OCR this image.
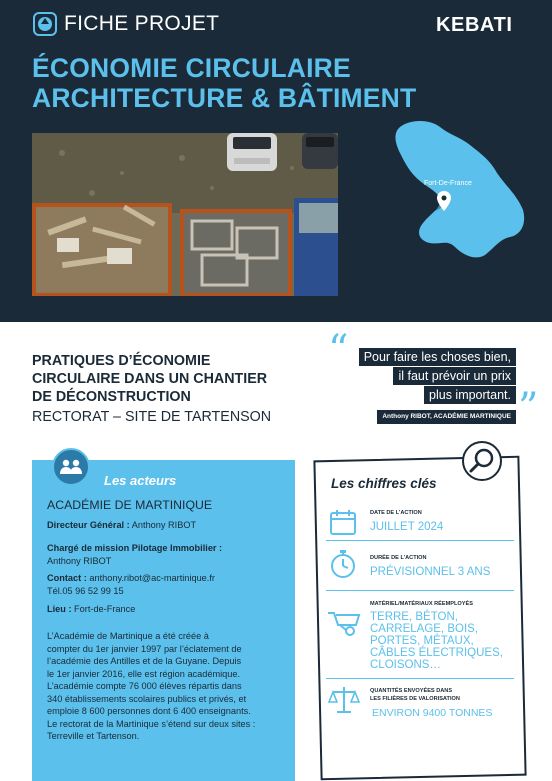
FICHE PROJET	KEBATI
ÉCONOMIE CIRCULAIRE
ARCHITECTURE & BÂTIMENT
Fort-De-France
PRATIQUES D’ÉCONOMIE
CIRCULAIRE DANS UN CHANTIER
DE DÉCONSTRUCTION
RECTORAT – SITE DE TARTENSON
“
”
Pour faire les choses bien,
il faut prévoir un prix
plus important.
Anthony RIBOT, ACADÉMIE MARTINIQUE
Les acteurs
ACADÉMIE DE MARTINIQUE
Directeur Général : Anthony RIBOT
Chargé de mission Pilotage Immobilier :
Anthony RIBOT
Contact : anthony.ribot@ac-martinique.fr
Tél.05 96 52 99 15
Lieu : Fort-de-France
L’Académie de Martinique a été créée à
compter du 1er janvier 1997 par l’éclatement de
l’académie des Antilles et de la Guyane. Depuis
le 1er janvier 2016, elle est région académique.
L’académie compte 76 000 élèves répartis dans
340 établissements scolaires publics et privés, et
emploie 8 600 personnes dont 6 400 enseignants.
Le rectorat de la Martinique s’étend sur deux sites :
Terreville et Tartenson.
Les chiffres clés
DATE DE L’ACTION
JUILLET 2024
DURÉE DE L’ACTION
PRÉVISIONNEL 3 ANS
MATÉRIEL/MATÉRIAUX RÉEMPLOYÉS
TERRE, BÉTON,
CARRELAGE, BOIS,
PORTES, MÉTAUX,
CÂBLES ÉLECTRIQUES,
CLOISONS…
QUANTITÉS ENVOYÉES DANS
LES FILIÈRES DE VALORISATION
ENVIRON 9400 TONNES
